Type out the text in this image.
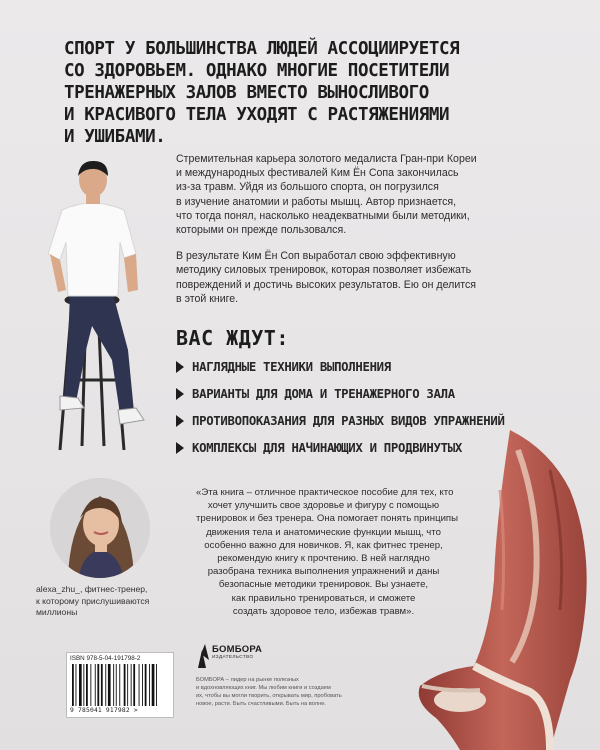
СПОРТ У БОЛЬШИНСТВА ЛЮДЕЙ АССОЦИИРУЕТСЯ
СО ЗДОРОВЬЕМ. ОДНАКО МНОГИЕ ПОСЕТИТЕЛИ
ТРЕНАЖЕРНЫХ ЗАЛОВ ВМЕСТО ВЫНОСЛИВОГО
И КРАСИВОГО ТЕЛА УХОДЯТ С РАСТЯЖЕНИЯМИ
И УШИБАМИ.

Стремительная карьера золотого медалиста Гран-при Кореи
и международных фестивалей Ким Ён Сопа закончилась
из-за травм. Уйдя из большого спорта, он погрузился
в изучение анатомии и работы мышц. Автор признается,
что тогда понял, насколько неадекватными были методики,
которыми он прежде пользовался.

В результате Ким Ён Соп выработал свою эффективную
методику силовых тренировок, которая позволяет избежать
повреждений и достичь высоких результатов. Ею он делится
в этой книге.

ВАС ЖДУТ:
НАГЛЯДНЫЕ ТЕХНИКИ ВЫПОЛНЕНИЯ
ВАРИАНТЫ ДЛЯ ДОМА И ТРЕНАЖЕРНОГО ЗАЛА
ПРОТИВОПОКАЗАНИЯ ДЛЯ РАЗНЫХ ВИДОВ УПРАЖНЕНИЙ
КОМПЛЕКСЫ ДЛЯ НАЧИНАЮЩИХ И ПРОДВИНУТЫХ
alexa_zhu_, фитнес-тренер,
к которому прислушиваются
миллионы
«Эта книга – отличное практическое пособие для тех, кто
хочет улучшить свое здоровье и фигуру с помощью
тренировок и без тренера. Она помогает понять принципы
движения тела и анатомические функции мышц, что
особенно важно для новичков. Я, как фитнес тренер,
рекомендую книгу к прочтению. В ней наглядно
разобрана техника выполнения упражнений и даны
безопасные методики тренировок. Вы узнаете,
как правильно тренироваться, и сможете
создать здоровое тело, избежав травм».
ISBN 978-5-04-191798-2
9 785041 917982 >
БОМБОРА
ИЗДАТЕЛЬСТВО
БОМБОРА – лидер на рынке полезных
и вдохновляющих книг. Мы любим книги и создаем
их, чтобы вы могли творить, открывать мир, пробовать
новое, расти. Быть счастливыми. Быть на волне.
